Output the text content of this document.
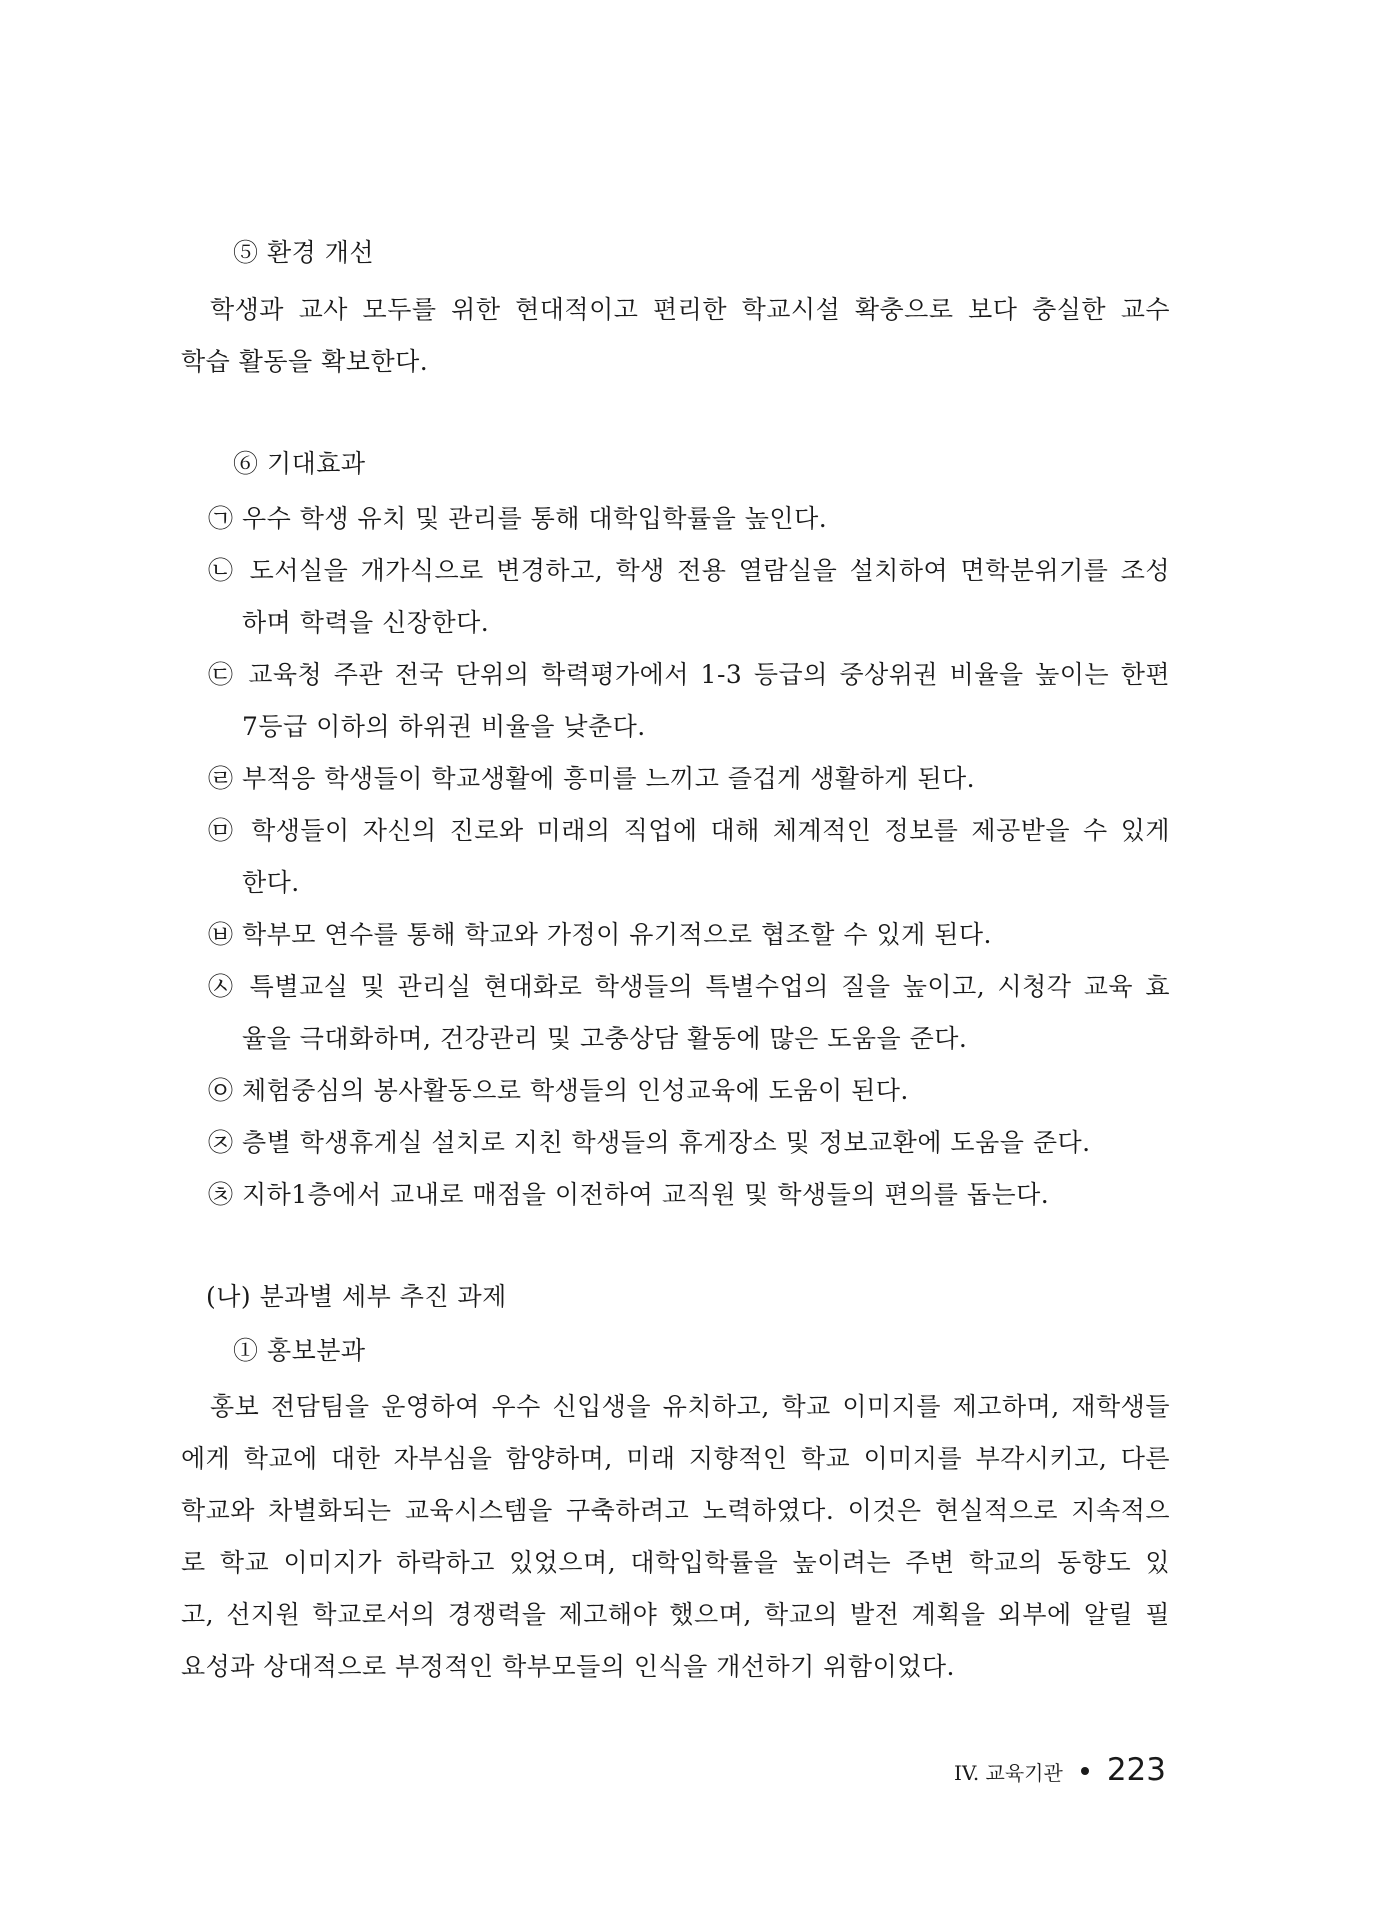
⑤ 환경 개선
학생과 교사 모두를 위한 현대적이고 편리한 학교시설 확충으로 보다 충실한 교수
학습 활동을 확보한다.
⑥ 기대효과
㉠ 우수 학생 유치 및 관리를 통해 대학입학률을 높인다.
㉡ 도서실을 개가식으로 변경하고, 학생 전용 열람실을 설치하여 면학분위기를 조성
하며 학력을 신장한다.
㉢ 교육청 주관 전국 단위의 학력평가에서 1-3 등급의 중상위권 비율을 높이는 한편
7등급 이하의 하위권 비율을 낮춘다.
㉣ 부적응 학생들이 학교생활에 흥미를 느끼고 즐겁게 생활하게 된다.
㉤ 학생들이 자신의 진로와 미래의 직업에 대해 체계적인 정보를 제공받을 수 있게
한다.
㉥ 학부모 연수를 통해 학교와 가정이 유기적으로 협조할 수 있게 된다.
㉦ 특별교실 및 관리실 현대화로 학생들의 특별수업의 질을 높이고, 시청각 교육 효
율을 극대화하며, 건강관리 및 고충상담 활동에 많은 도움을 준다.
㉧ 체험중심의 봉사활동으로 학생들의 인성교육에 도움이 된다.
㉨ 층별 학생휴게실 설치로 지친 학생들의 휴게장소 및 정보교환에 도움을 준다.
㉩ 지하1층에서 교내로 매점을 이전하여 교직원 및 학생들의 편의를 돕는다.
(나) 분과별 세부 추진 과제
① 홍보분과
홍보 전담팀을 운영하여 우수 신입생을 유치하고, 학교 이미지를 제고하며, 재학생들
에게 학교에 대한 자부심을 함양하며, 미래 지향적인 학교 이미지를 부각시키고, 다른
학교와 차별화되는 교육시스템을 구축하려고 노력하였다. 이것은 현실적으로 지속적으
로 학교 이미지가 하락하고 있었으며, 대학입학률을 높이려는 주변 학교의 동향도 있
고, 선지원 학교로서의 경쟁력을 제고해야 했으며, 학교의 발전 계획을 외부에 알릴 필
요성과 상대적으로 부정적인 학부모들의 인식을 개선하기 위함이었다.
IV. 교육기관 223
